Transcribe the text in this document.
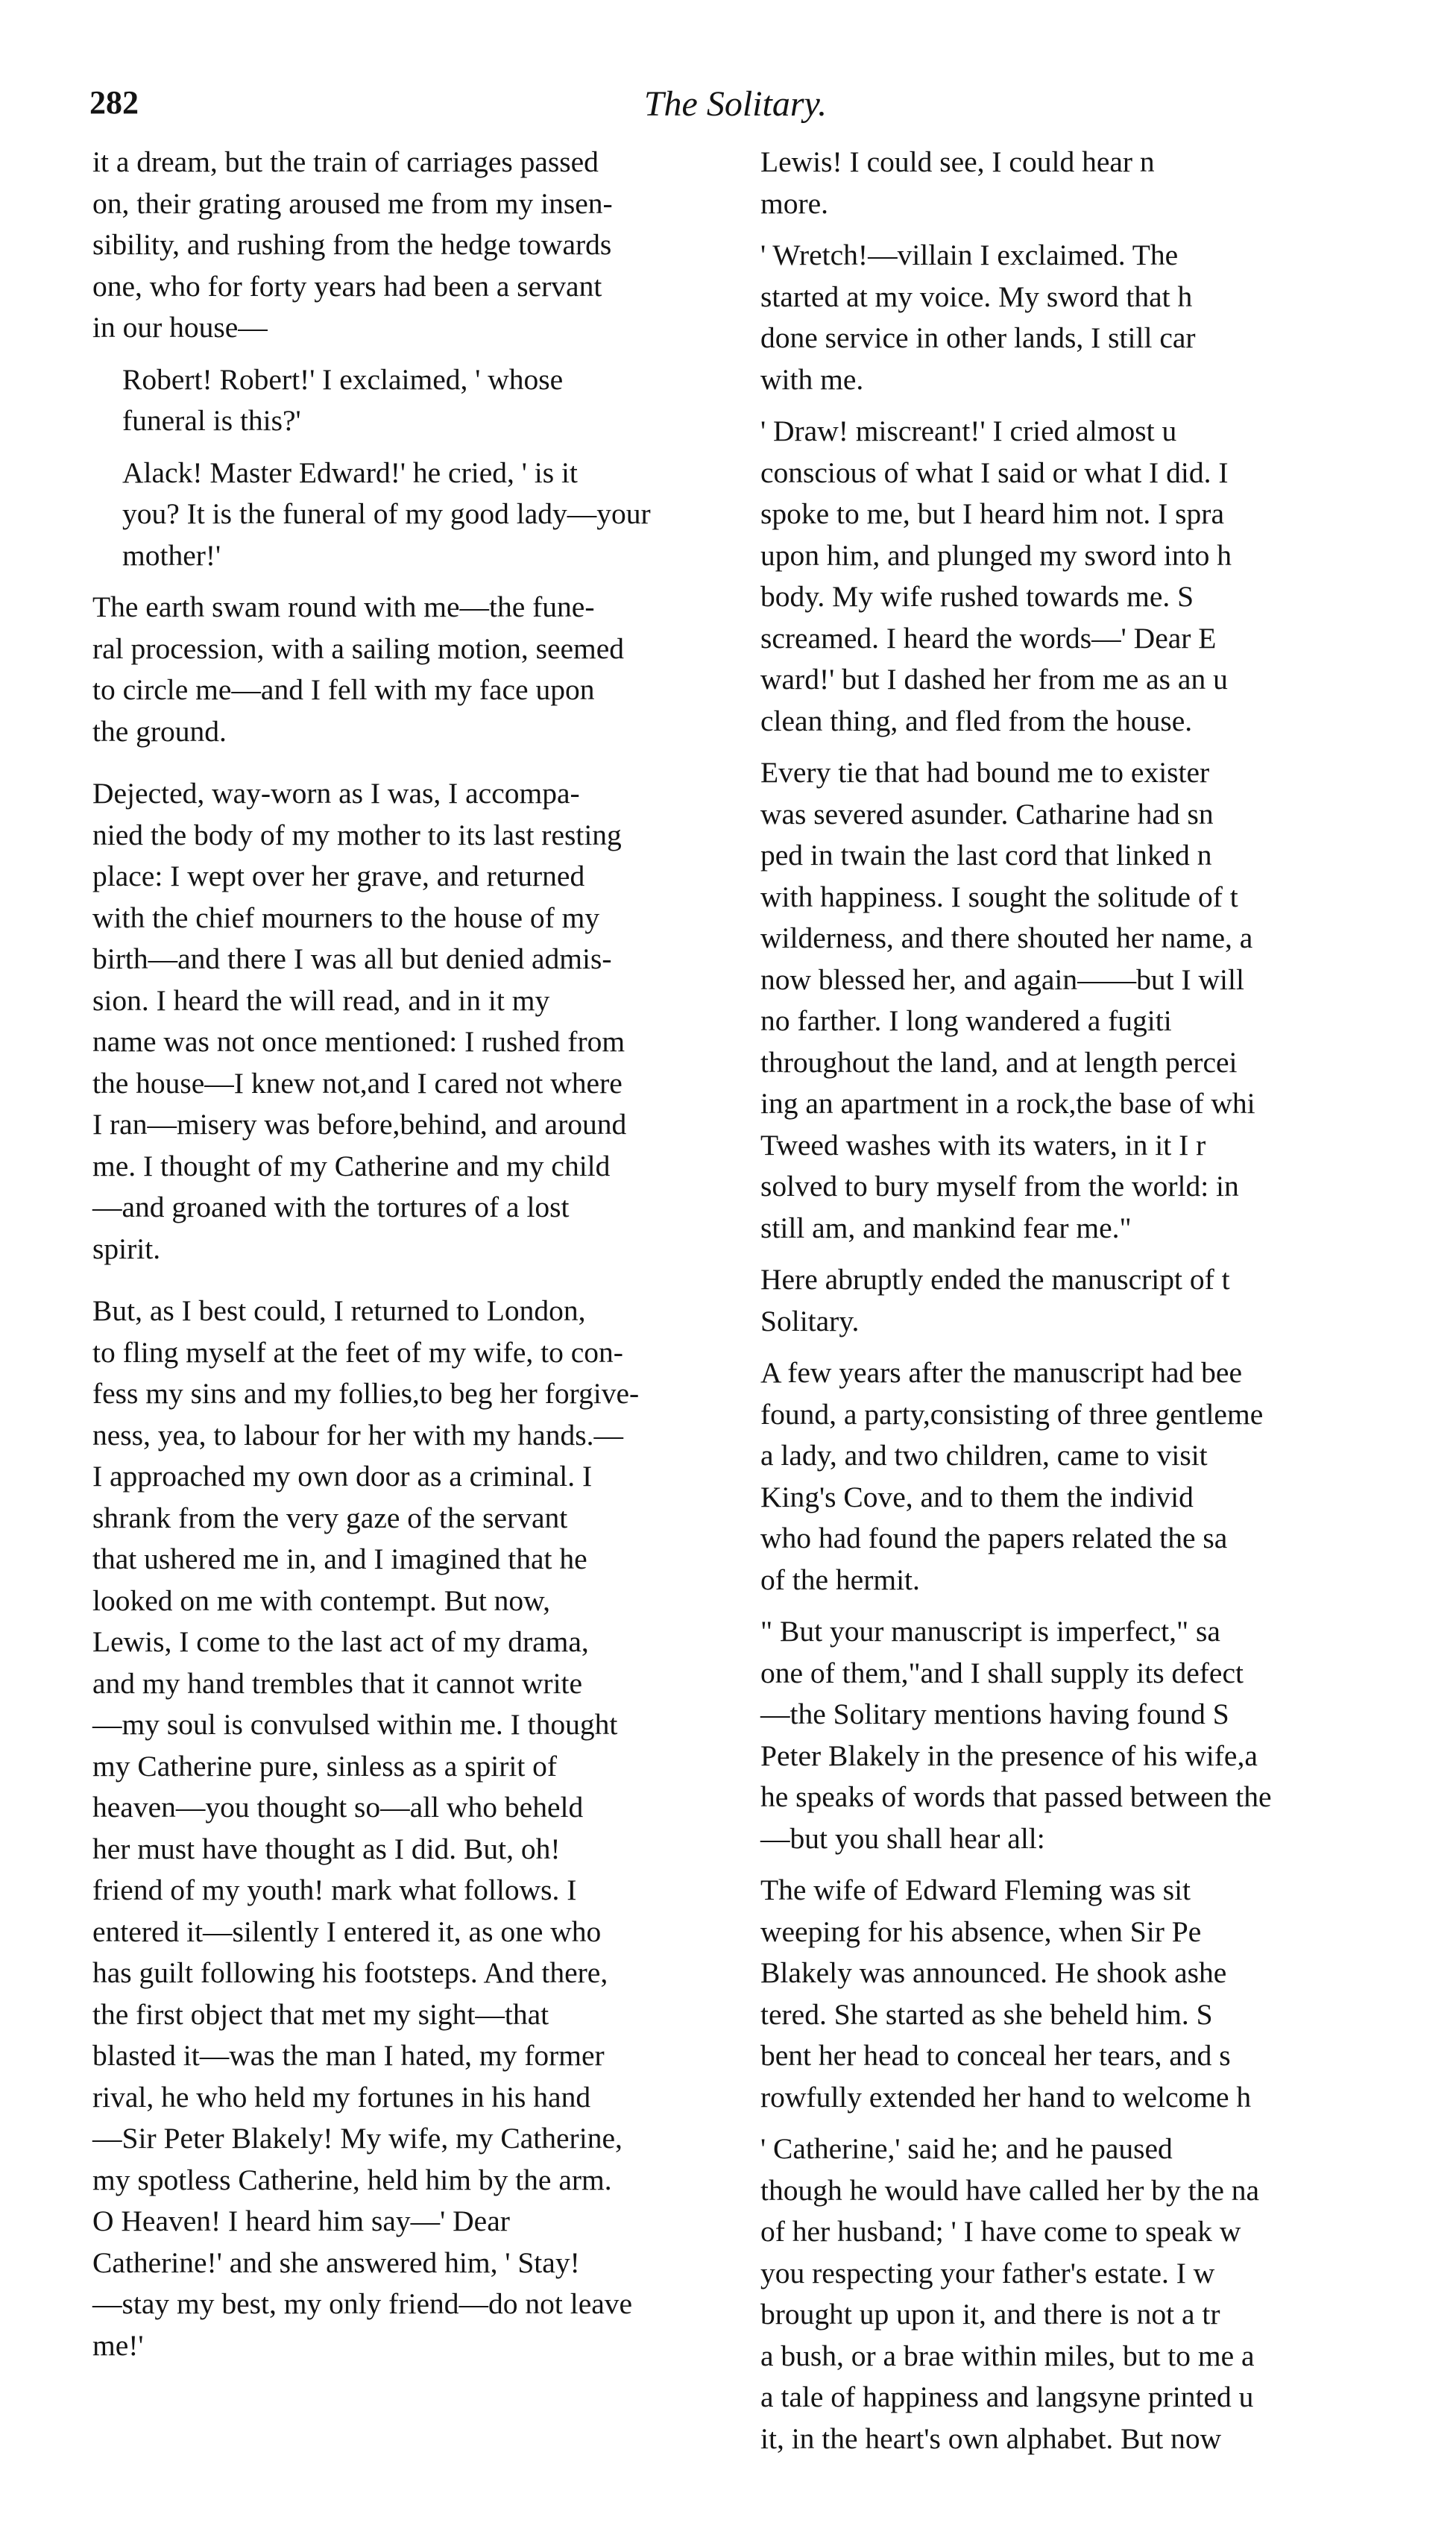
282	The Solitary.
it a dream, but the train of carriages passed
on, their grating aroused me from my insen-
sibility, and rushing from the hedge towards
one, who for forty years had been a servant
in our house—
Robert! Robert!' I exclaimed, ' whose
funeral is this?'
Alack! Master Edward!' he cried, ' is it
you? It is the funeral of my good lady—your
mother!'
The earth swam round with me—the fune-
ral procession, with a sailing motion, seemed
to circle me—and I fell with my face upon
the ground.
Dejected, way-worn as I was, I accompa-
nied the body of my mother to its last resting
place: I wept over her grave, and returned
with the chief mourners to the house of my
birth—and there I was all but denied admis-
sion. I heard the will read, and in it my
name was not once mentioned: I rushed from
the house—I knew not,and I cared not where
I ran—misery was before,behind, and around
me. I thought of my Catherine and my child
—and groaned with the tortures of a lost
spirit.
But, as I best could, I returned to London,
to fling myself at the feet of my wife, to con-
fess my sins and my follies,to beg her forgive-
ness, yea, to labour for her with my hands.—
I approached my own door as a criminal. I
shrank from the very gaze of the servant
that ushered me in, and I imagined that he
looked on me with contempt. But now,
Lewis, I come to the last act of my drama,
and my hand trembles that it cannot write
—my soul is convulsed within me. I thought
my Catherine pure, sinless as a spirit of
heaven—you thought so—all who beheld
her must have thought as I did. But, oh!
friend of my youth! mark what follows. I
entered it—silently I entered it, as one who
has guilt following his footsteps. And there,
the first object that met my sight—that
blasted it—was the man I hated, my former
rival, he who held my fortunes in his hand
—Sir Peter Blakely! My wife, my Catherine,
my spotless Catherine, held him by the arm.
O Heaven! I heard him say—' Dear
Catherine!' and she answered him, ' Stay!
—stay my best, my only friend—do not leave
me!'
Lewis! I could see, I could hear n
more.
' Wretch!—villain I exclaimed. The
started at my voice. My sword that h
done service in other lands, I still car
with me.
' Draw! miscreant!' I cried almost u
conscious of what I said or what I did. I
spoke to me, but I heard him not. I spra
upon him, and plunged my sword into h
body. My wife rushed towards me. S
screamed. I heard the words—' Dear E
ward!' but I dashed her from me as an u
clean thing, and fled from the house.
Every tie that had bound me to exister
was severed asunder. Catharine had sn
ped in twain the last cord that linked n
with happiness. I sought the solitude of t
wilderness, and there shouted her name, a
now blessed her, and again——but I will
no farther. I long wandered a fugiti
throughout the land, and at length percei
ing an apartment in a rock,the base of whi
Tweed washes with its waters, in it I r
solved to bury myself from the world: in
still am, and mankind fear me."
Here abruptly ended the manuscript of t
Solitary.
A few years after the manuscript had bee
found, a party,consisting of three gentleme
a lady, and two children, came to visit
King's Cove, and to them the individ
who had found the papers related the sa
of the hermit.
" But your manuscript is imperfect," sa
one of them,"and I shall supply its defect
—the Solitary mentions having found S
Peter Blakely in the presence of his wife,a
he speaks of words that passed between the
—but you shall hear all:
The wife of Edward Fleming was sit
weeping for his absence, when Sir Pe
Blakely was announced. He shook ashe
tered. She started as she beheld him. S
bent her head to conceal her tears, and s
rowfully extended her hand to welcome h
' Catherine,' said he; and he paused
though he would have called her by the na
of her husband; ' I have come to speak w
you respecting your father's estate. I w
brought up upon it, and there is not a tr
a bush, or a brae within miles, but to me a
a tale of happiness and langsyne printed u
it, in the heart's own alphabet. But now
